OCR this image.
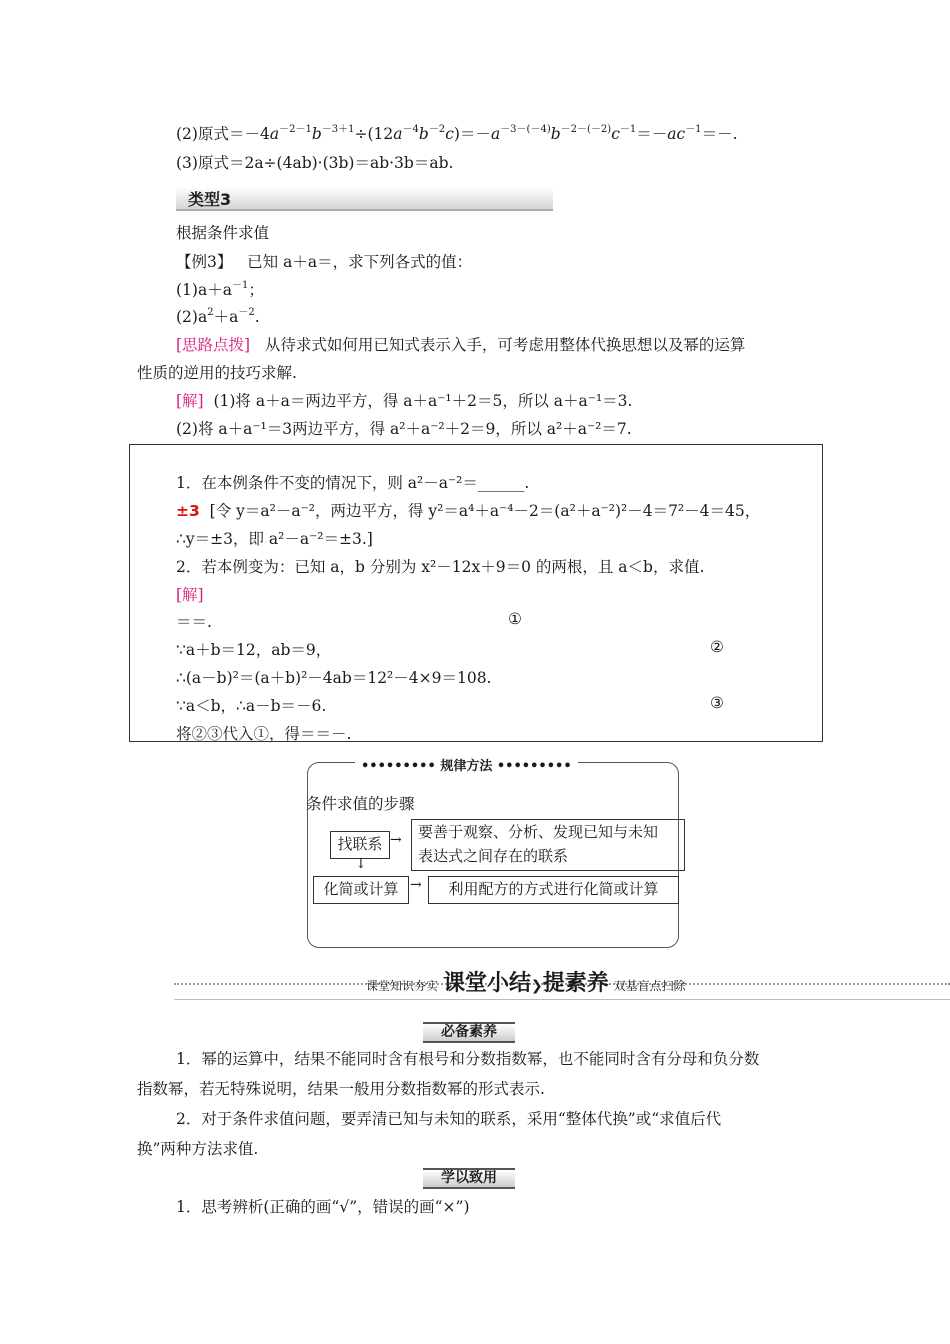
(2)原式$=-4a^{-2-1}b^{-3+1}\div(12a^{-4}b^{-2}c)=-a^{-3-(-4)}b^{-2-(-2)}c^{-1}=-ac^{-1}=-$.
(3)原式＝2a÷(4ab)·(3b)＝ab·3b＝ab.
类型3
根据条件求值
【例3】 已知 a＋a＝，求下列各式的值：
$(1)a+a^{-1}$；
$(2)a^2+a^{-2}$.
[思路点拨] 从待求式如何用已知式表示入手，可考虑用整体代换思想以及幂的运算
性质的逆用的技巧求解.
[解] (1)将 a＋a＝两边平方，得 a＋a⁻¹＋2＝5，所以 a＋a⁻¹＝3.
(2)将 a＋a⁻¹＝3两边平方，得 a²＋a⁻²＋2＝9，所以 a²＋a⁻²＝7.
1．在本例条件不变的情况下，则 a²－a⁻²＝______.
±3 [令 y＝a²－a⁻²，两边平方，得 y²＝a⁴＋a⁻⁴－2＝(a²＋a⁻²)²－4＝7²－4＝45，
∴y＝±3，即 a²－a⁻²＝±3.]
2．若本例变为：已知 a，b 分别为 x²－12x＋9＝0 的两根，且 a＜b，求值.
[解]
＝＝.	①
∵a＋b＝12，ab＝9，	②
∴(a－b)²＝(a＋b)²－4ab＝12²－4×9＝108.
∵a＜b，∴a－b＝－6.	③
将②③代入①，得＝＝－.
••••••••• 规律方法 •••••••••
条件求值的步骤
找联系 → 要善于观察、分析、发现已知与未知
表达式之间存在的联系
↓
化简或计算 →	利用配方的方式进行化简或计算
课堂知识夯实 课堂小结❯提素养 双基盲点扫除
必备素养
1．幂的运算中，结果不能同时含有根号和分数指数幂，也不能同时含有分母和负分数
指数幂，若无特殊说明，结果一般用分数指数幂的形式表示.
2．对于条件求值问题，要弄清已知与未知的联系，采用“整体代换”或“求值后代
换”两种方法求值.
学以致用
1．思考辨析(正确的画“√”，错误的画“×”)
